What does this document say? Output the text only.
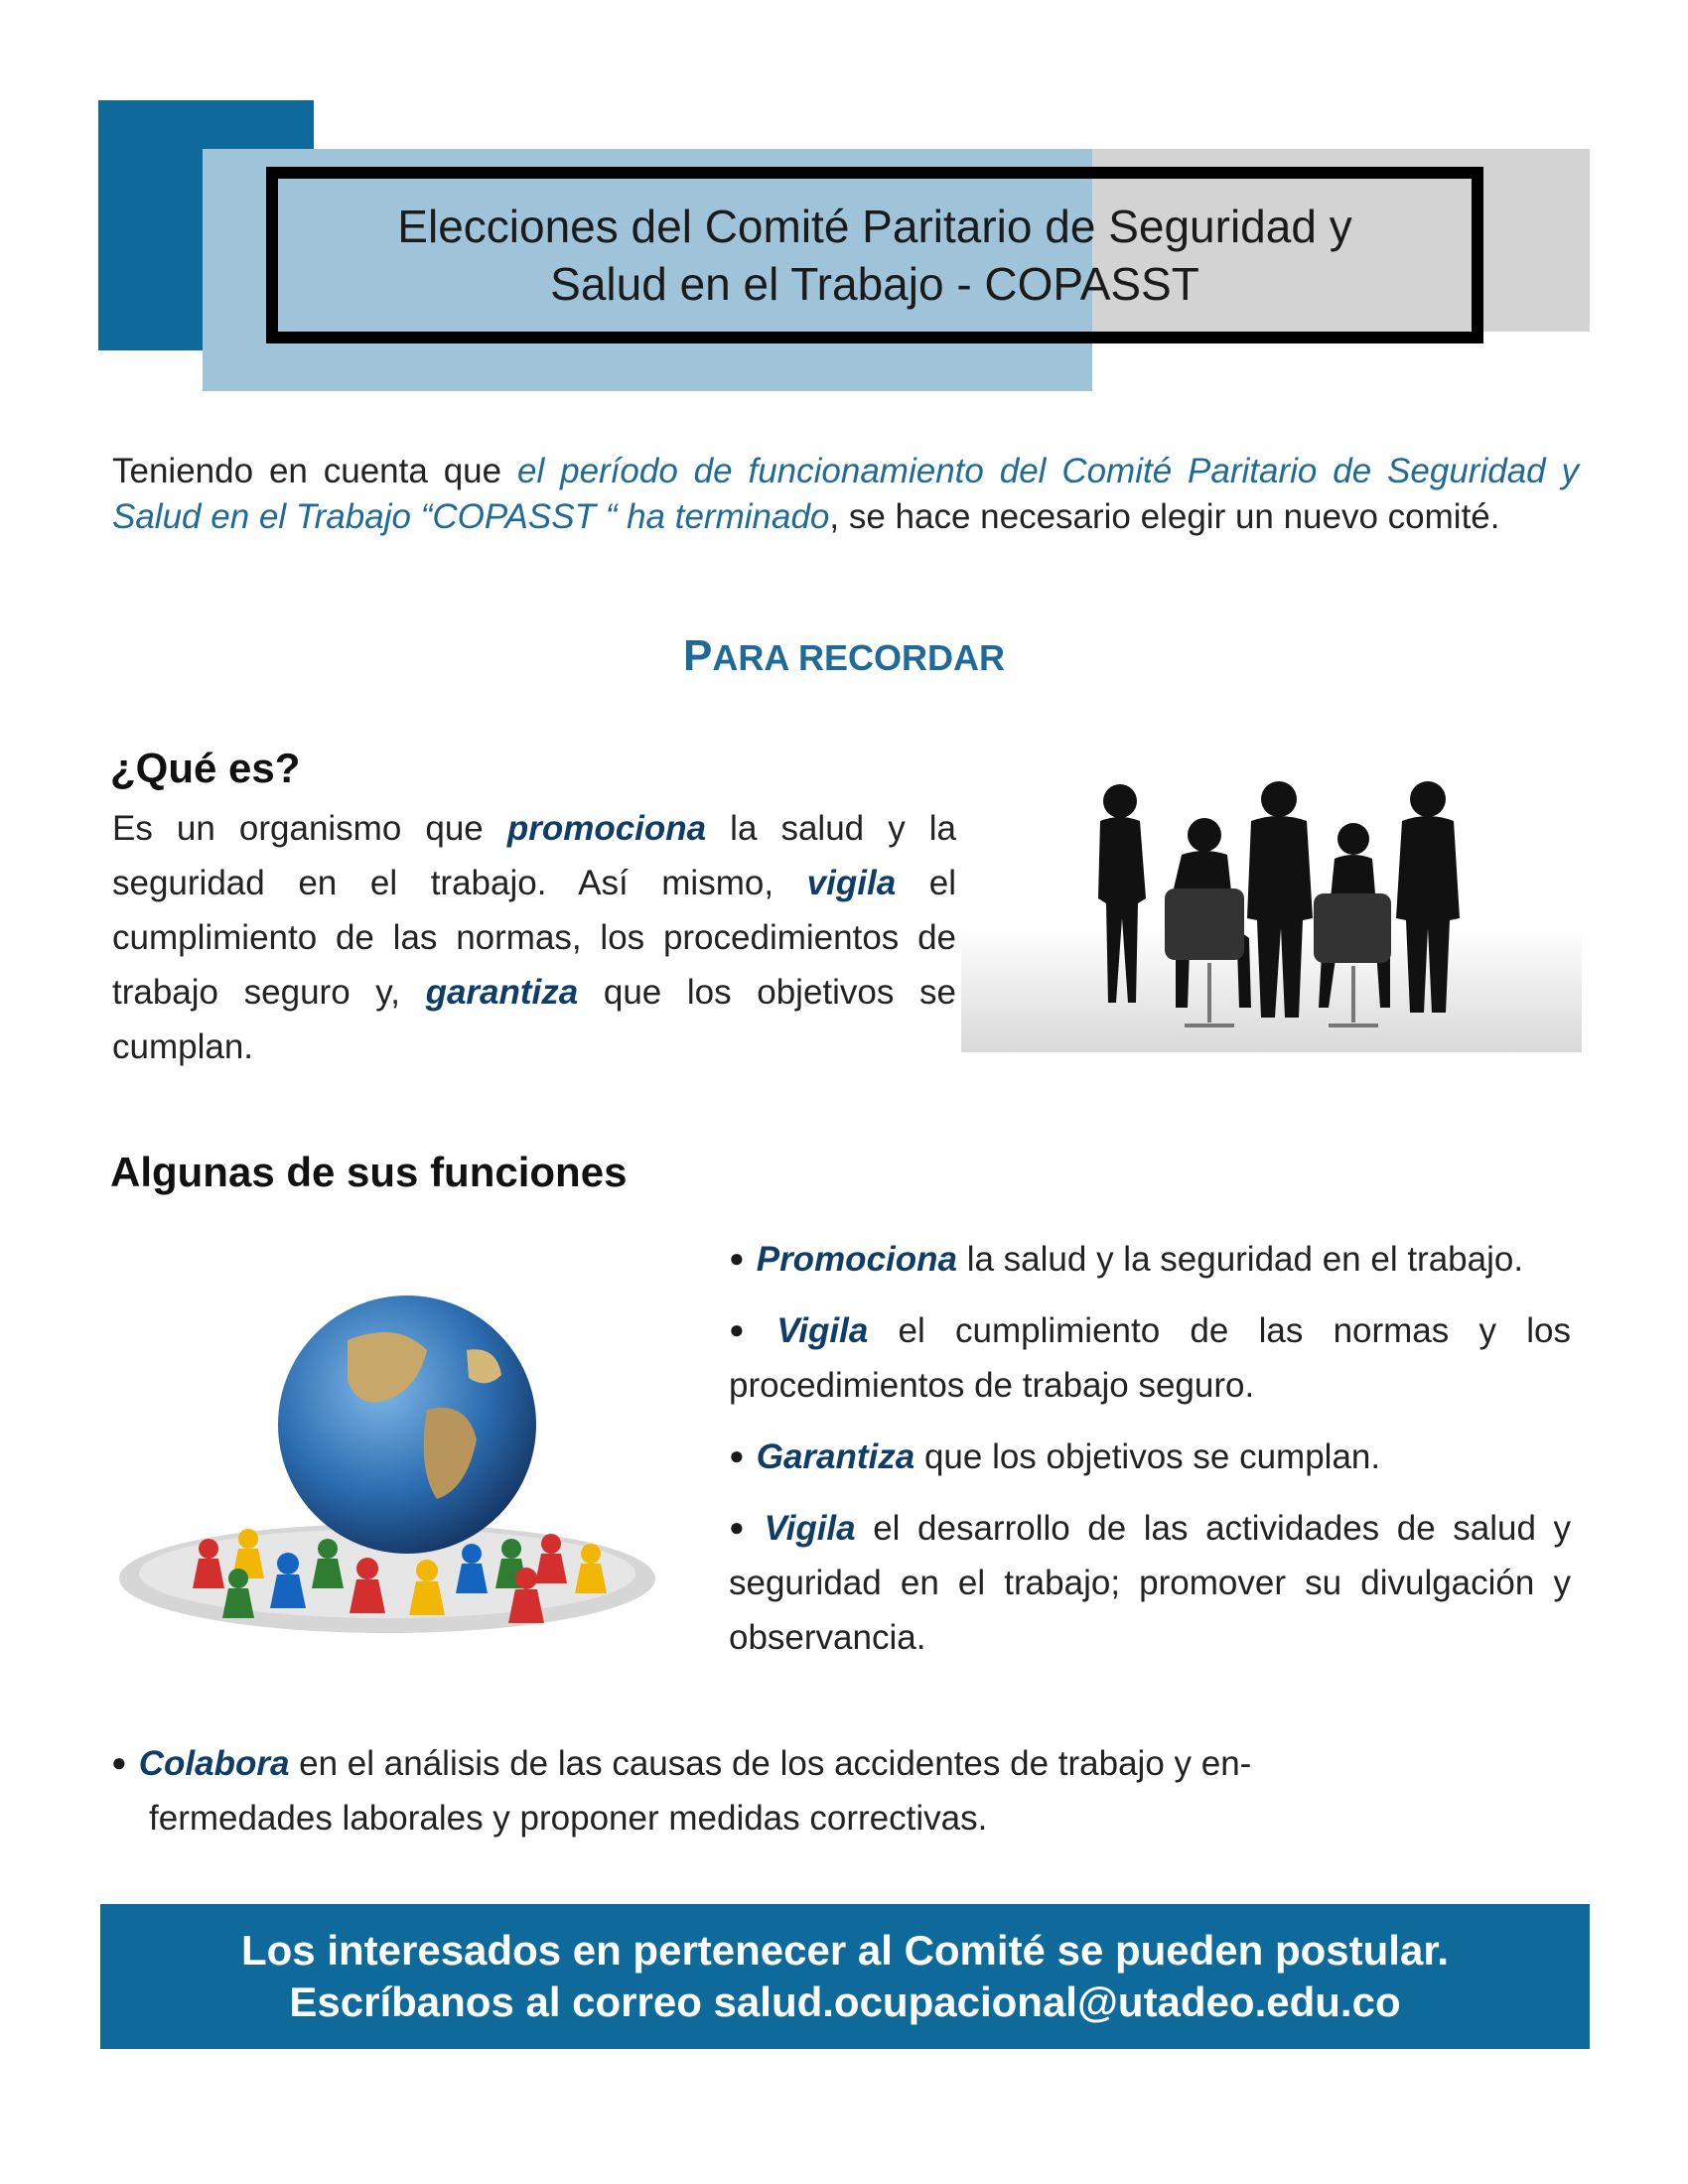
Elecciones del Comité Paritario de Seguridad y
Salud en el Trabajo - COPASST
Teniendo en cuenta que el período de funcionamiento del Comité Paritario de Seguridad y Salud en el Trabajo “COPASST “ ha terminado, se hace necesario elegir un nuevo comité.
PARA RECORDAR
¿Qué es?
Es un organismo que promociona la salud y la seguridad en el trabajo. Así mismo, vigila el cumplimiento de las normas, los procedimientos de trabajo seguro y, garantiza que los objetivos se cumplan.
Algunas de sus funciones

● Promociona la salud y la seguridad en el trabajo.

● Vigila el cumplimiento de las normas y los procedimientos de trabajo seguro.

● Garantiza que los objetivos se cumplan.

● Vigila el desarrollo de las actividades de salud y seguridad en el trabajo; promover su divulgación y observancia.

● Colabora en el análisis de las causas de los accidentes de trabajo y en-
fermedades laborales y proponer medidas correctivas.
Los interesados en pertenecer al Comité se pueden postular.
Escríbanos al correo salud.ocupacional@utadeo.edu.co
